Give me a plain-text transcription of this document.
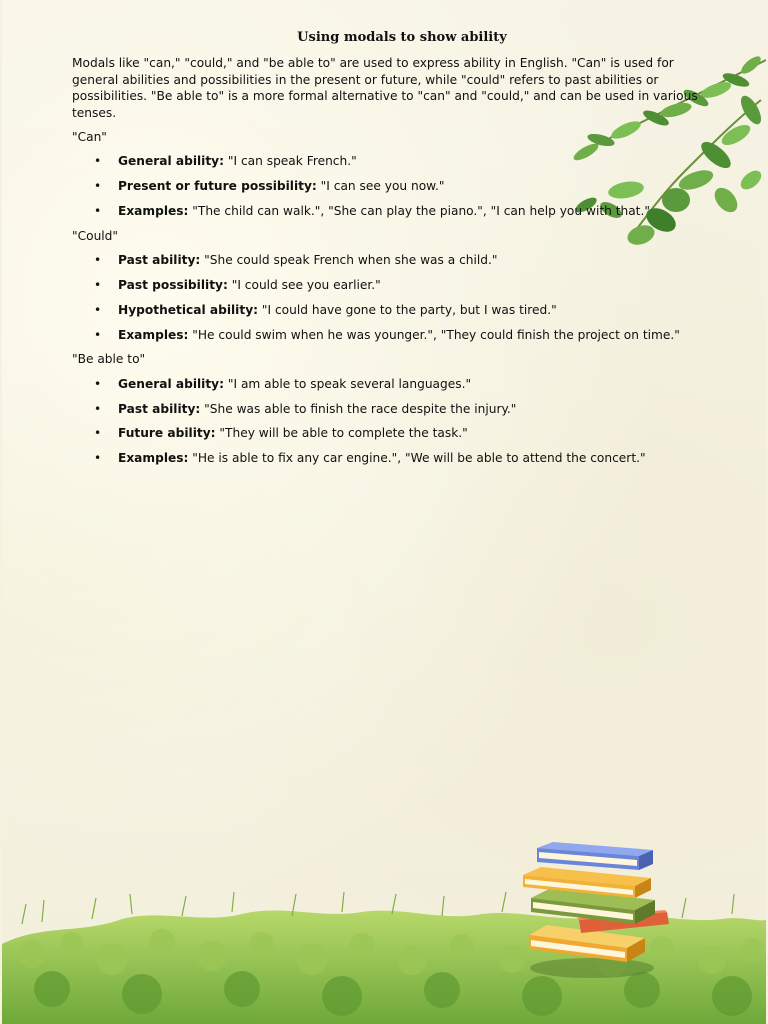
Using modals to show ability

Modals like "can," "could," and "be able to" are used to express ability in English. "Can" is used for general abilities and possibilities in the present or future, while "could" refers to past abilities or possibilities. "Be able to" is a more formal alternative to "can" and "could," and can be used in various tenses.

"Can"

• General ability: "I can speak French."
• Present or future possibility: "I can see you now."
• Examples: "The child can walk.", "She can play the piano.", "I can help you with that."

"Could"

• Past ability: "She could speak French when she was a child."
• Past possibility: "I could see you earlier."
• Hypothetical ability: "I could have gone to the party, but I was tired."
• Examples: "He could swim when he was younger.", "They could finish the project on time."

"Be able to"

• General ability: "I am able to speak several languages."
• Past ability: "She was able to finish the race despite the injury."
• Future ability: "They will be able to complete the task."
• Examples: "He is able to fix any car engine.", "We will be able to attend the concert."
